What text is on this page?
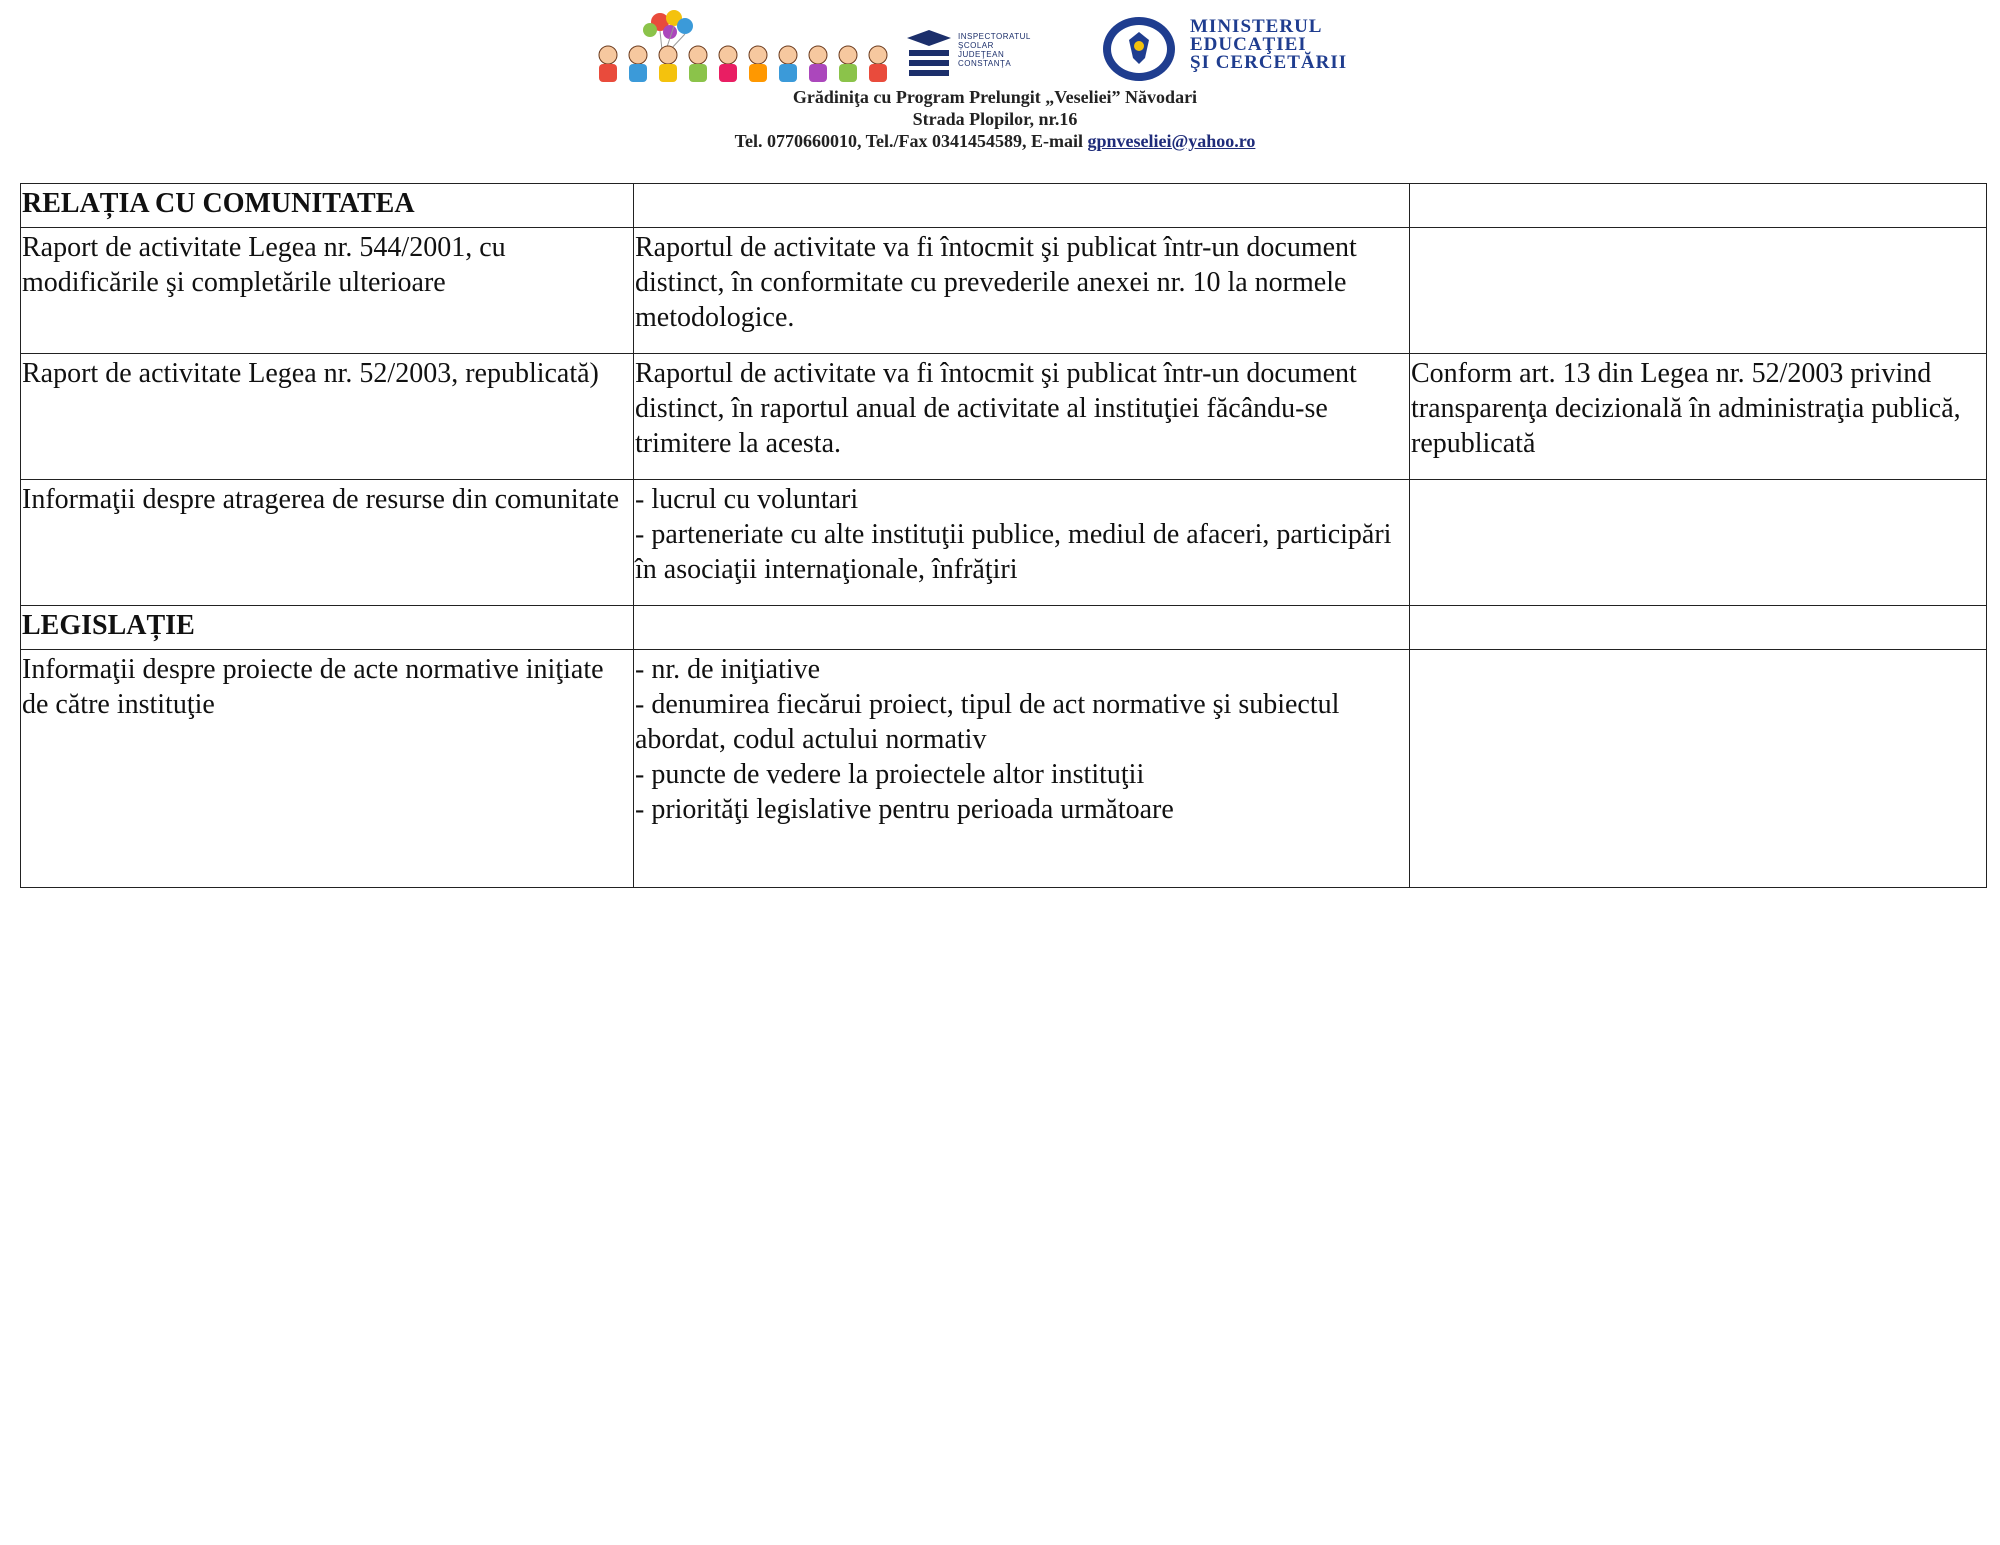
INSPECTORATUL
ŞCOLAR
JUDEŢEAN
CONSTANŢA
MINISTERUL
EDUCAŢIEI
ŞI CERCETĂRII
Grădiniţa cu Program Prelungit „Veseliei” Năvodari
Strada Plopilor, nr.16
Tel. 0770660010, Tel./Fax 0341454589, E-mail gpnveseliei@yahoo.ro
RELAȚIA CU COMUNITATEA		

Raport de activitate Legea nr. 544/2001, cu modificările şi completările ulterioare	Raportul de activitate va fi întocmit şi publicat într-un document distinct, în conformitate cu prevederile anexei nr. 10 la normele metodologice.	

Raport de activitate Legea nr. 52/2003, republicată)	Raportul de activitate va fi întocmit şi publicat într-un document distinct, în raportul anual de activitate al instituţiei făcându-se trimitere la acesta.	Conform art. 13 din Legea nr. 52/2003 privind transparenţa decizională în administraţia publică, republicată

Informaţii despre atragerea de resurse din comunitate	- lucrul cu voluntari
- parteneriate cu alte instituţii publice, mediul de afaceri, participări în asociaţii internaţionale, înfrăţiri	

LEGISLAȚIE		

Informaţii despre proiecte de acte normative iniţiate de către instituţie	- nr. de iniţiative
- denumirea fiecărui proiect, tipul de act normative şi subiectul abordat, codul actului normativ
- puncte de vedere la proiectele altor instituţii
- priorităţi legislative pentru perioada următoare	
